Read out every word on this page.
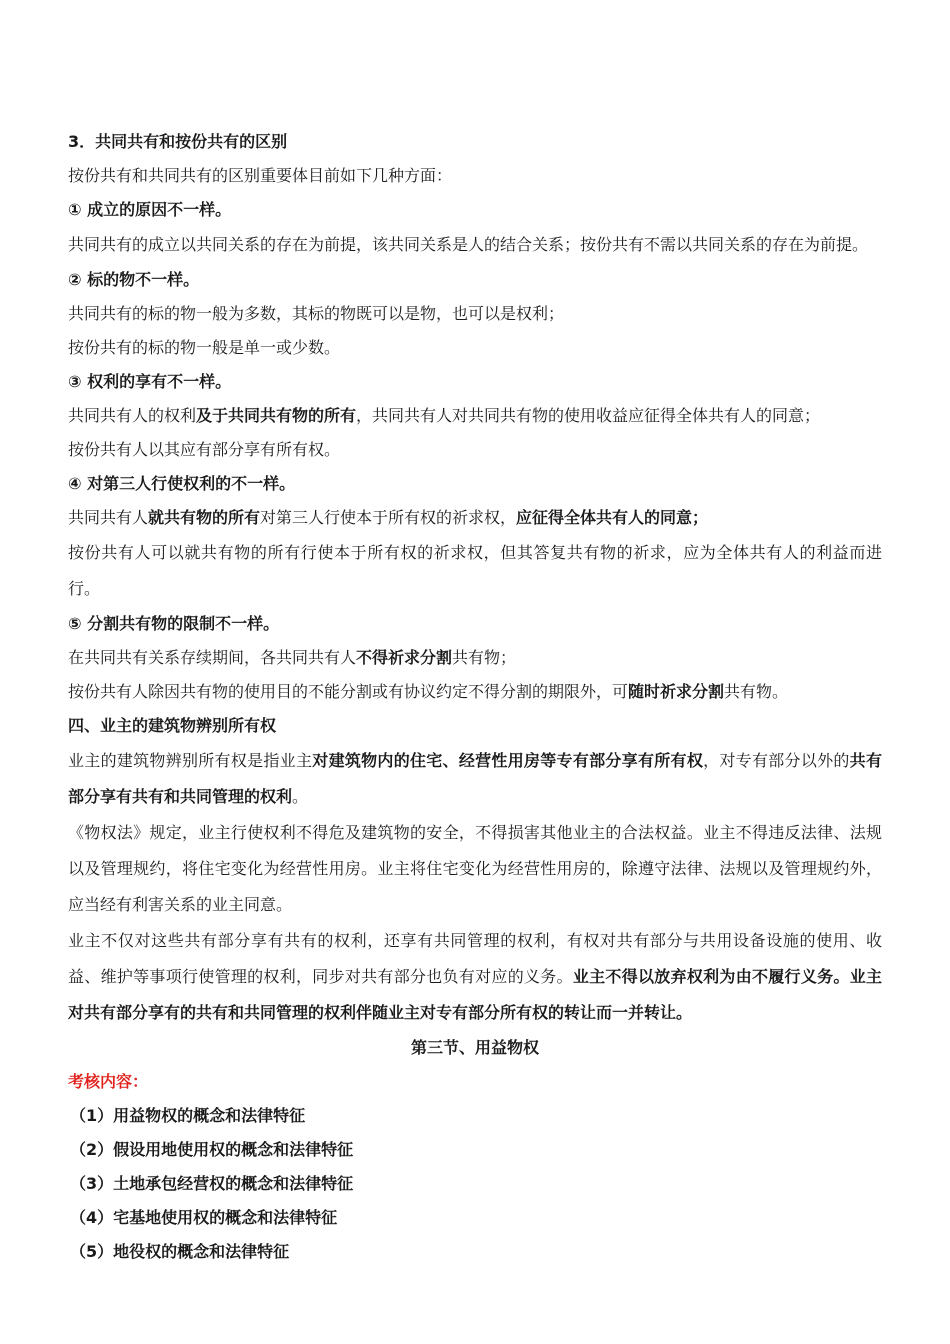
3．共同共有和按份共有的区别

按份共有和共同共有的区别重要体目前如下几种方面：

① 成立的原因不一样。

共同共有的成立以共同关系的存在为前提，该共同关系是人的结合关系；按份共有不需以共同关系的存在为前提。

② 标的物不一样。

共同共有的标的物一般为多数，其标的物既可以是物，也可以是权利；

按份共有的标的物一般是单一或少数。

③ 权利的享有不一样。

共同共有人的权利及于共同共有物的所有，共同共有人对共同共有物的使用收益应征得全体共有人的同意；

按份共有人以其应有部分享有所有权。

④ 对第三人行使权利的不一样。

共同共有人就共有物的所有对第三人行使本于所有权的祈求权，应征得全体共有人的同意；

按份共有人可以就共有物的所有行使本于所有权的祈求权，但其答复共有物的祈求，应为全体共有人的利益而进行。

⑤ 分割共有物的限制不一样。

在共同共有关系存续期间，各共同共有人不得祈求分割共有物；

按份共有人除因共有物的使用目的不能分割或有协议约定不得分割的期限外，可随时祈求分割共有物。

四、业主的建筑物辨别所有权

业主的建筑物辨别所有权是指业主对建筑物内的住宅、经营性用房等专有部分享有所有权，对专有部分以外的共有部分享有共有和共同管理的权利。

《物权法》规定，业主行使权利不得危及建筑物的安全，不得损害其他业主的合法权益。业主不得违反法律、法规以及管理规约，将住宅变化为经营性用房。业主将住宅变化为经营性用房的，除遵守法律、法规以及管理规约外，应当经有利害关系的业主同意。

业主不仅对这些共有部分享有共有的权利，还享有共同管理的权利，有权对共有部分与共用设备设施的使用、收益、维护等事项行使管理的权利，同步对共有部分也负有对应的义务。业主不得以放弃权利为由不履行义务。业主对共有部分享有的共有和共同管理的权利伴随业主对专有部分所有权的转让而一并转让。

第三节、用益物权

考核内容：

（1）用益物权的概念和法律特征

（2）假设用地使用权的概念和法律特征

（3）土地承包经营权的概念和法律特征

（4）宅基地使用权的概念和法律特征

（5）地役权的概念和法律特征
